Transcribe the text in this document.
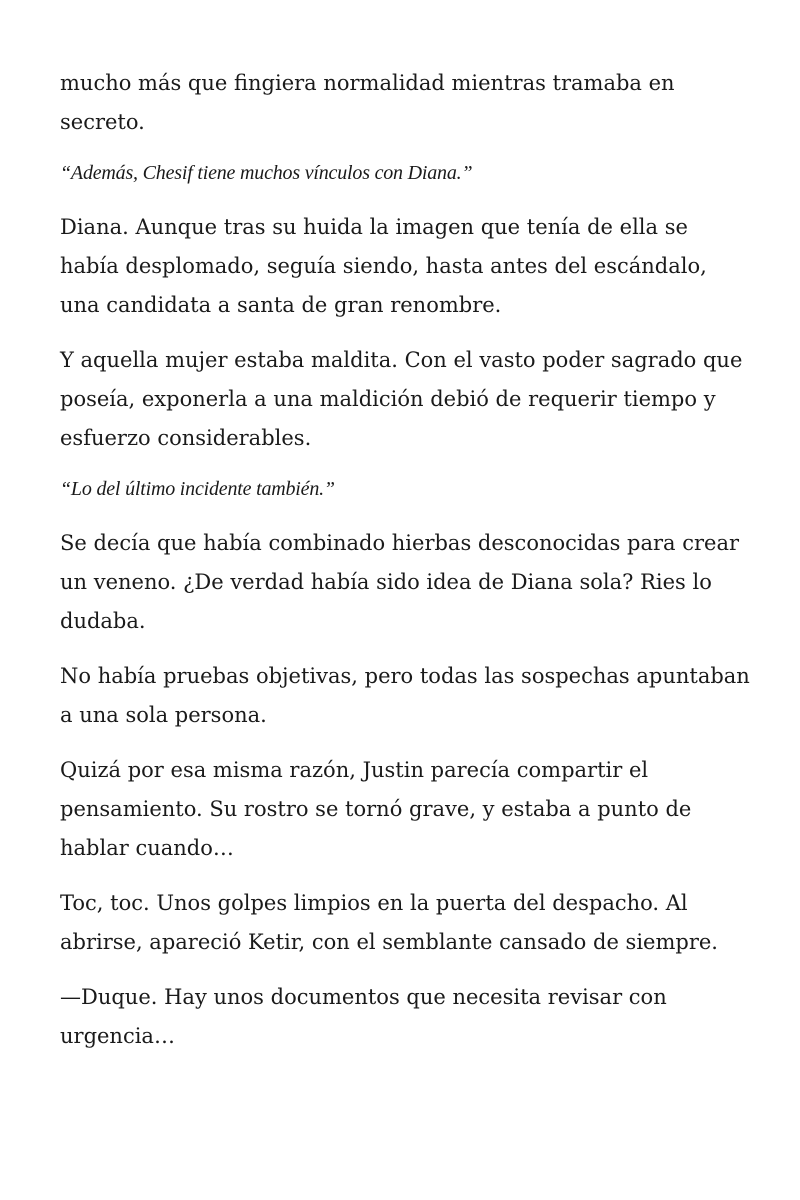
mucho más que fingiera normalidad mientras tramaba en secreto.

“Además, Chesif tiene muchos vínculos con Diana.”

Diana. Aunque tras su huida la imagen que tenía de ella se había desplomado, seguía siendo, hasta antes del escándalo, una candidata a santa de gran renombre.

Y aquella mujer estaba maldita. Con el vasto poder sagrado que poseía, exponerla a una maldición debió de requerir tiempo y esfuerzo considerables.

“Lo del último incidente también.”

Se decía que había combinado hierbas desconocidas para crear un veneno. ¿De verdad había sido idea de Diana sola? Ries lo dudaba.

No había pruebas objetivas, pero todas las sospechas apuntaban a una sola persona.

Quizá por esa misma razón, Justin parecía compartir el pensamiento. Su rostro se tornó grave, y estaba a punto de hablar cuando…

Toc, toc. Unos golpes limpios en la puerta del despacho. Al abrirse, apareció Ketir, con el semblante cansado de siempre.

—Duque. Hay unos documentos que necesita revisar con urgencia…
